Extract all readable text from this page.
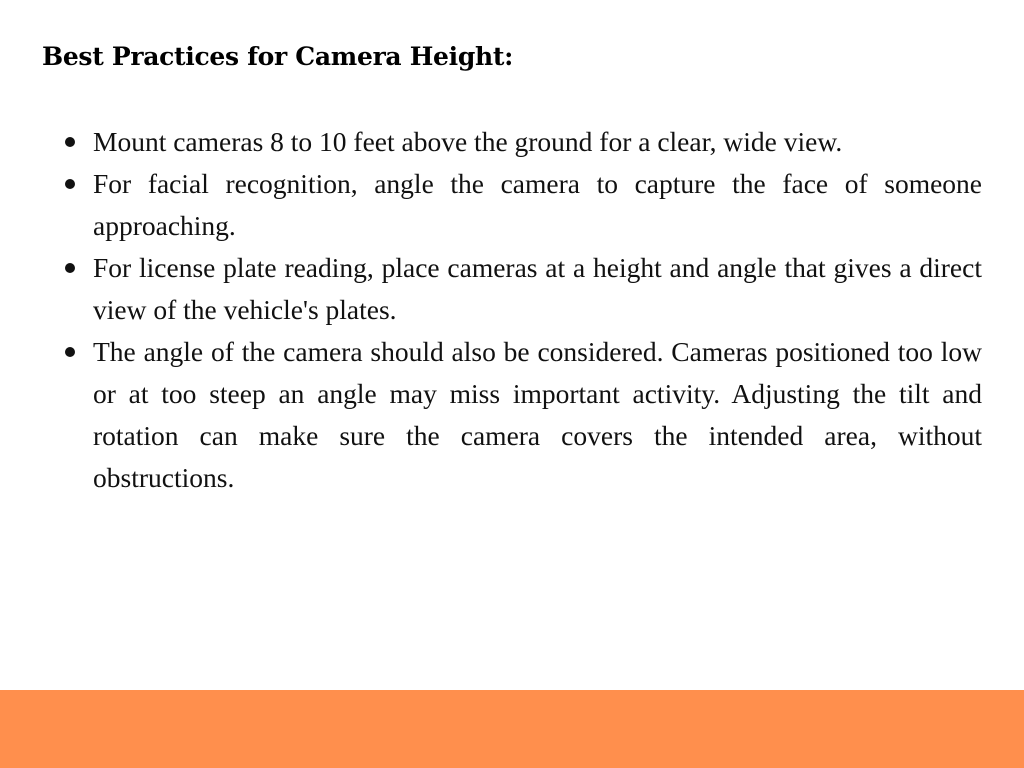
Best Practices for Camera Height:
Mount cameras 8 to 10 feet above the ground for a clear, wide view.
For facial recognition, angle the camera to capture the face of someone approaching.
For license plate reading, place cameras at a height and angle that gives a direct view of the vehicle's plates.
The angle of the camera should also be considered. Cameras positioned too low or at too steep an angle may miss important activity. Adjusting the tilt and rotation can make sure the camera covers the intended area, without obstructions.
